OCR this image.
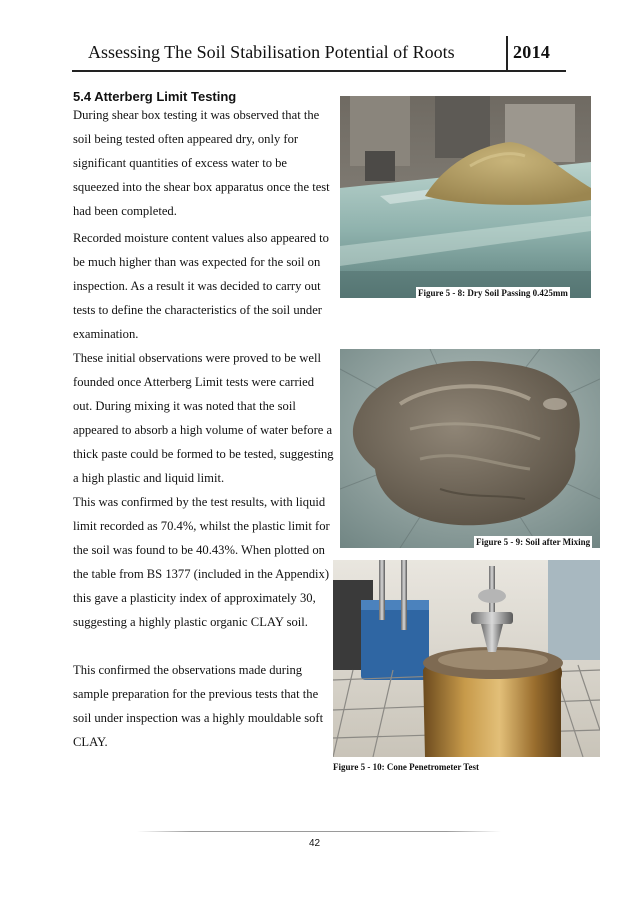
Assessing The Soil Stabilisation Potential of Roots	2014
5.4 Atterberg Limit Testing

During shear box testing it was observed that the soil being tested often appeared dry, only for significant quantities of excess water to be squeezed into the shear box apparatus once the test had been completed.

Recorded moisture content values also appeared to be much higher than was expected for the soil on inspection. As a result it was decided to carry out tests to define the characteristics of the soil under examination.

These initial observations were proved to be well founded once Atterberg Limit tests were carried out. During mixing it was noted that the soil appeared to absorb a high volume of water before a thick paste could be formed to be tested, suggesting a high plastic and liquid limit.

This was confirmed by the test results, with liquid limit recorded as 70.4%, whilst the plastic limit for the soil was found to be 40.43%. When plotted on the table from BS 1377 (included in the Appendix) this gave a plasticity index of approximately 30, suggesting a highly plastic organic CLAY soil.

This confirmed the observations made during sample preparation for the previous tests that the soil under inspection was a highly mouldable soft CLAY.

Figure 5 - 8: Dry Soil Passing 0.425mm
Figure 5 - 9: Soil after Mixing
Figure 5 - 10: Cone Penetrometer Test
42
